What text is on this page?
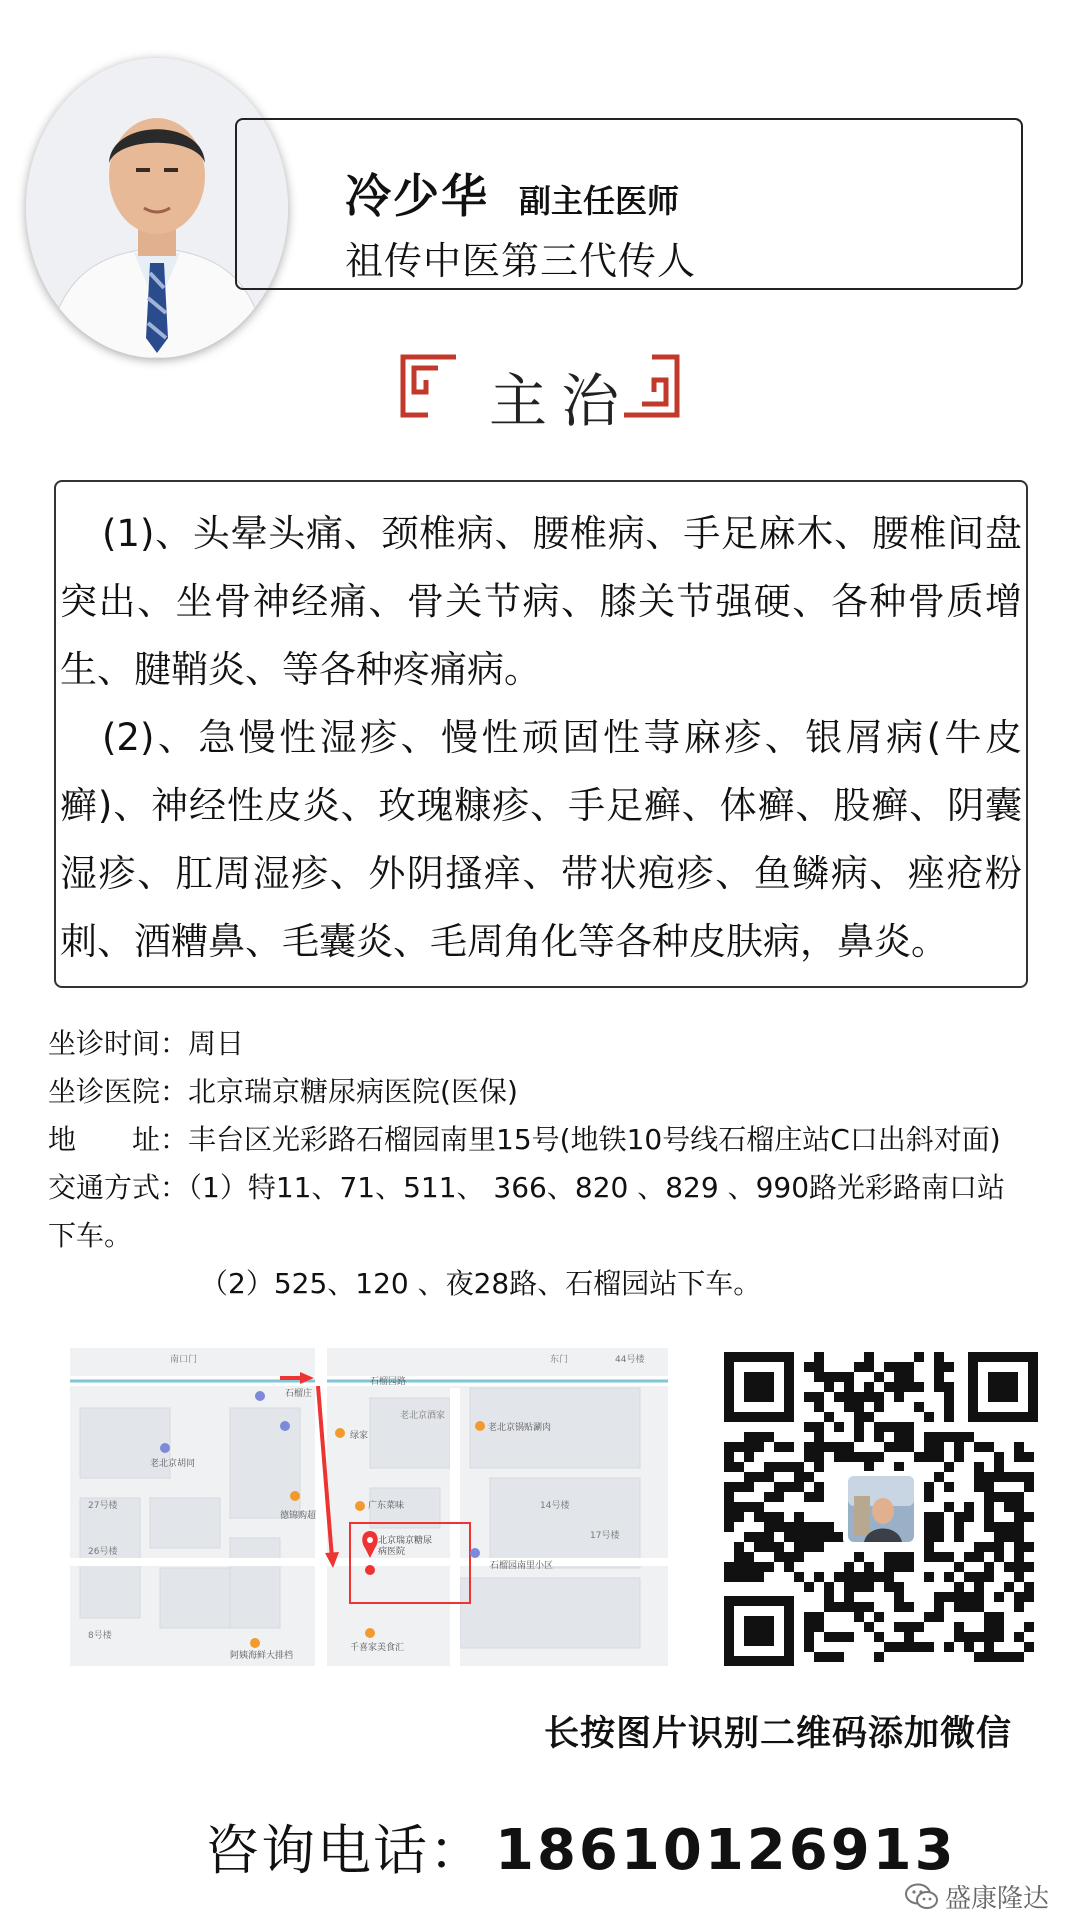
冷少华 副主任医师
祖传中医第三代传人
主治

(1)、头晕头痛、颈椎病、腰椎病、手足麻木、腰椎间盘突出、坐骨神经痛、骨关节病、膝关节强硬、各种骨质增生、腱鞘炎、等各种疼痛病。

(2)、急慢性湿疹、慢性顽固性荨麻疹、银屑病(牛皮癣)、神经性皮炎、玫瑰糠疹、手足癣、体癣、股癣、阴囊湿疹、肛周湿疹、外阴搔痒、带状疱疹、鱼鳞病、痤疮粉刺、酒糟鼻、毛囊炎、毛周角化等各种皮肤病，鼻炎。

坐诊时间：周日
坐诊医院：北京瑞京糖尿病医院(医保)
地　　址：丰台区光彩路石榴园南里15号(地铁10号线石榴庄站C口出斜对面)
交通方式：（1）特11、71、511、 366、820 、829 、990路光彩路南口站
下车。
（2）525、120 、夜28路、石榴园站下车。
北京瑞京糖尿病医院
石榴庄
石榴园路
老北京胡同
绿家
老北京锅贴涮肉
德锦购超
广东菜味
石榴园南里小区
千喜家美食汇
阿姨海鲜大排档
14号楼
17号楼
26号楼
27号楼
8号楼
东门
南口门	44号楼
老北京酒家
长按图片识别二维码添加微信
咨询电话： 18610126913
盛康隆达
